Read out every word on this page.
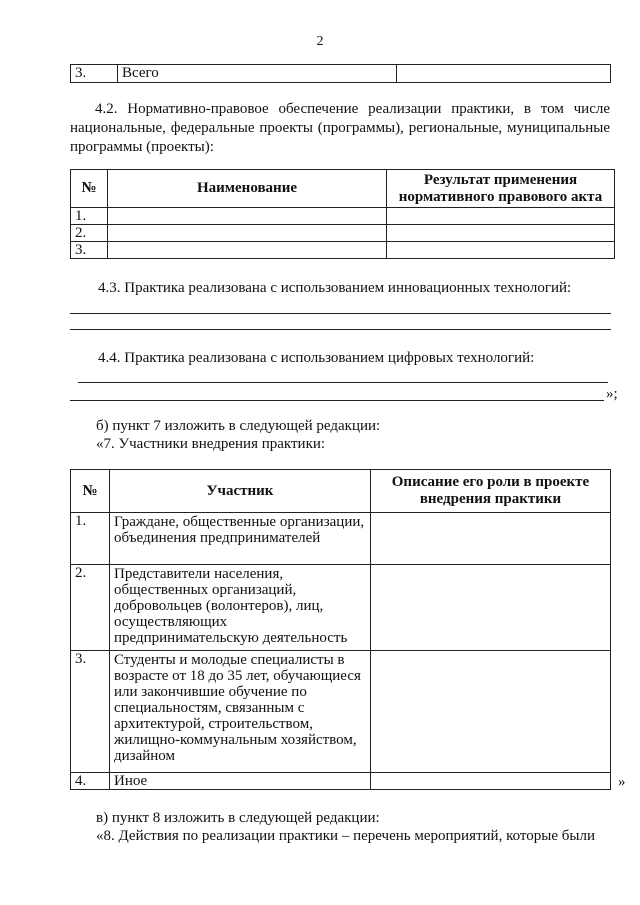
2
3.	Всего	
4.2. Нормативно-правовое обеспечение реализации практики, в том числе
национальные, федеральные проекты (программы), региональные, муниципальные
программы (проекты):
№	Наименование	Результат применения нормативного правового акта
1.		
2.		
3.		
4.3. Практика реализована с использованием инновационных технологий:
4.4. Практика реализована с использованием цифровых технологий:
»;
б) пункт 7 изложить в следующей редакции:
«7. Участники внедрения практики:
№	Участник	Описание его роли в проекте внедрения практики
1.	Граждане, общественные организации, объединения предпринимателей	
2.	Представители населения, общественных организаций, добровольцев (волонтеров), лиц, осуществляющих предпринимательскую деятельность	
3.	Студенты и молодые специалисты в возрасте от 18 до 35 лет, обучающиеся или закончившие обучение по специальностям, связанным с архитектурой, строительством, жилищно-коммунальным хозяйством, дизайном	
4.	Иное		»
в) пункт 8 изложить в следующей редакции:
«8. Действия по реализации практики – перечень мероприятий, которые были
